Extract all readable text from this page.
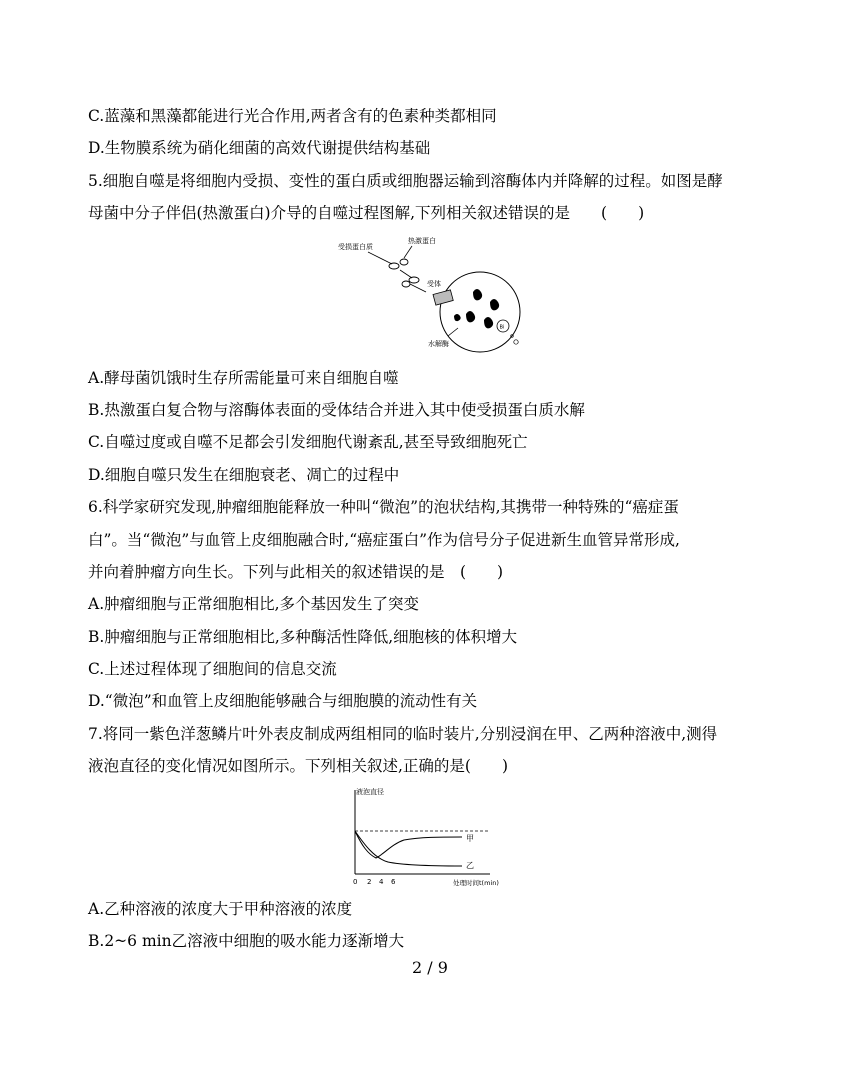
C.蓝藻和黑藻都能进行光合作用,两者含有的色素种类都相同
D.生物膜系统为硝化细菌的高效代谢提供结构基础
5.细胞自噬是将细胞内受损、变性的蛋白质或细胞器运输到溶酶体内并降解的过程。如图是酵
母菌中分子伴侣(热激蛋白)介导的自噬过程图解,下列相关叙述错误的是　　(　　)
受损蛋白质
热激蛋白
受体
Bi
水解酶
A.酵母菌饥饿时生存所需能量可来自细胞自噬
B.热激蛋白复合物与溶酶体表面的受体结合并进入其中使受损蛋白质水解
C.自噬过度或自噬不足都会引发细胞代谢紊乱,甚至导致细胞死亡
D.细胞自噬只发生在细胞衰老、凋亡的过程中
6.科学家研究发现,肿瘤细胞能释放一种叫“微泡”的泡状结构,其携带一种特殊的“癌症蛋
白”。当“微泡”与血管上皮细胞融合时,“癌症蛋白”作为信号分子促进新生血管异常形成,
并向着肿瘤方向生长。下列与此相关的叙述错误的是　(　　)
A.肿瘤细胞与正常细胞相比,多个基因发生了突变
B.肿瘤细胞与正常细胞相比,多种酶活性降低,细胞核的体积增大
C.上述过程体现了细胞间的信息交流
D.“微泡”和血管上皮细胞能够融合与细胞膜的流动性有关
7.将同一紫色洋葱鳞片叶外表皮制成两组相同的临时装片,分别浸润在甲、乙两种溶液中,测得
液泡直径的变化情况如图所示。下列相关叙述,正确的是(　　)
液泡直径
甲
乙
0 2 4 6	处理时间t(min)
A.乙种溶液的浓度大于甲种溶液的浓度
B.2~6 min乙溶液中细胞的吸水能力逐渐增大
2 / 9
